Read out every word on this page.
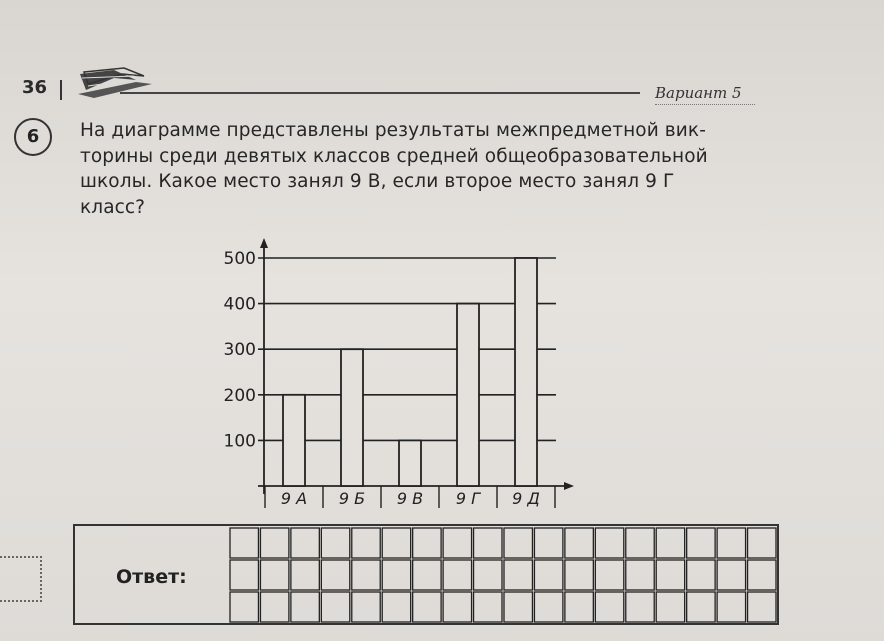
36	Вариант 5
6	На диаграмме представлены результаты межпредметной вик-
торины среди девятых классов средней общеобразовательной
школы. Какое место занял 9 В, если второе место занял 9 Г
класс?
100
200
300
400
500
9 А 9 Б 9 В 9 Г 9 Д
Ответ:
